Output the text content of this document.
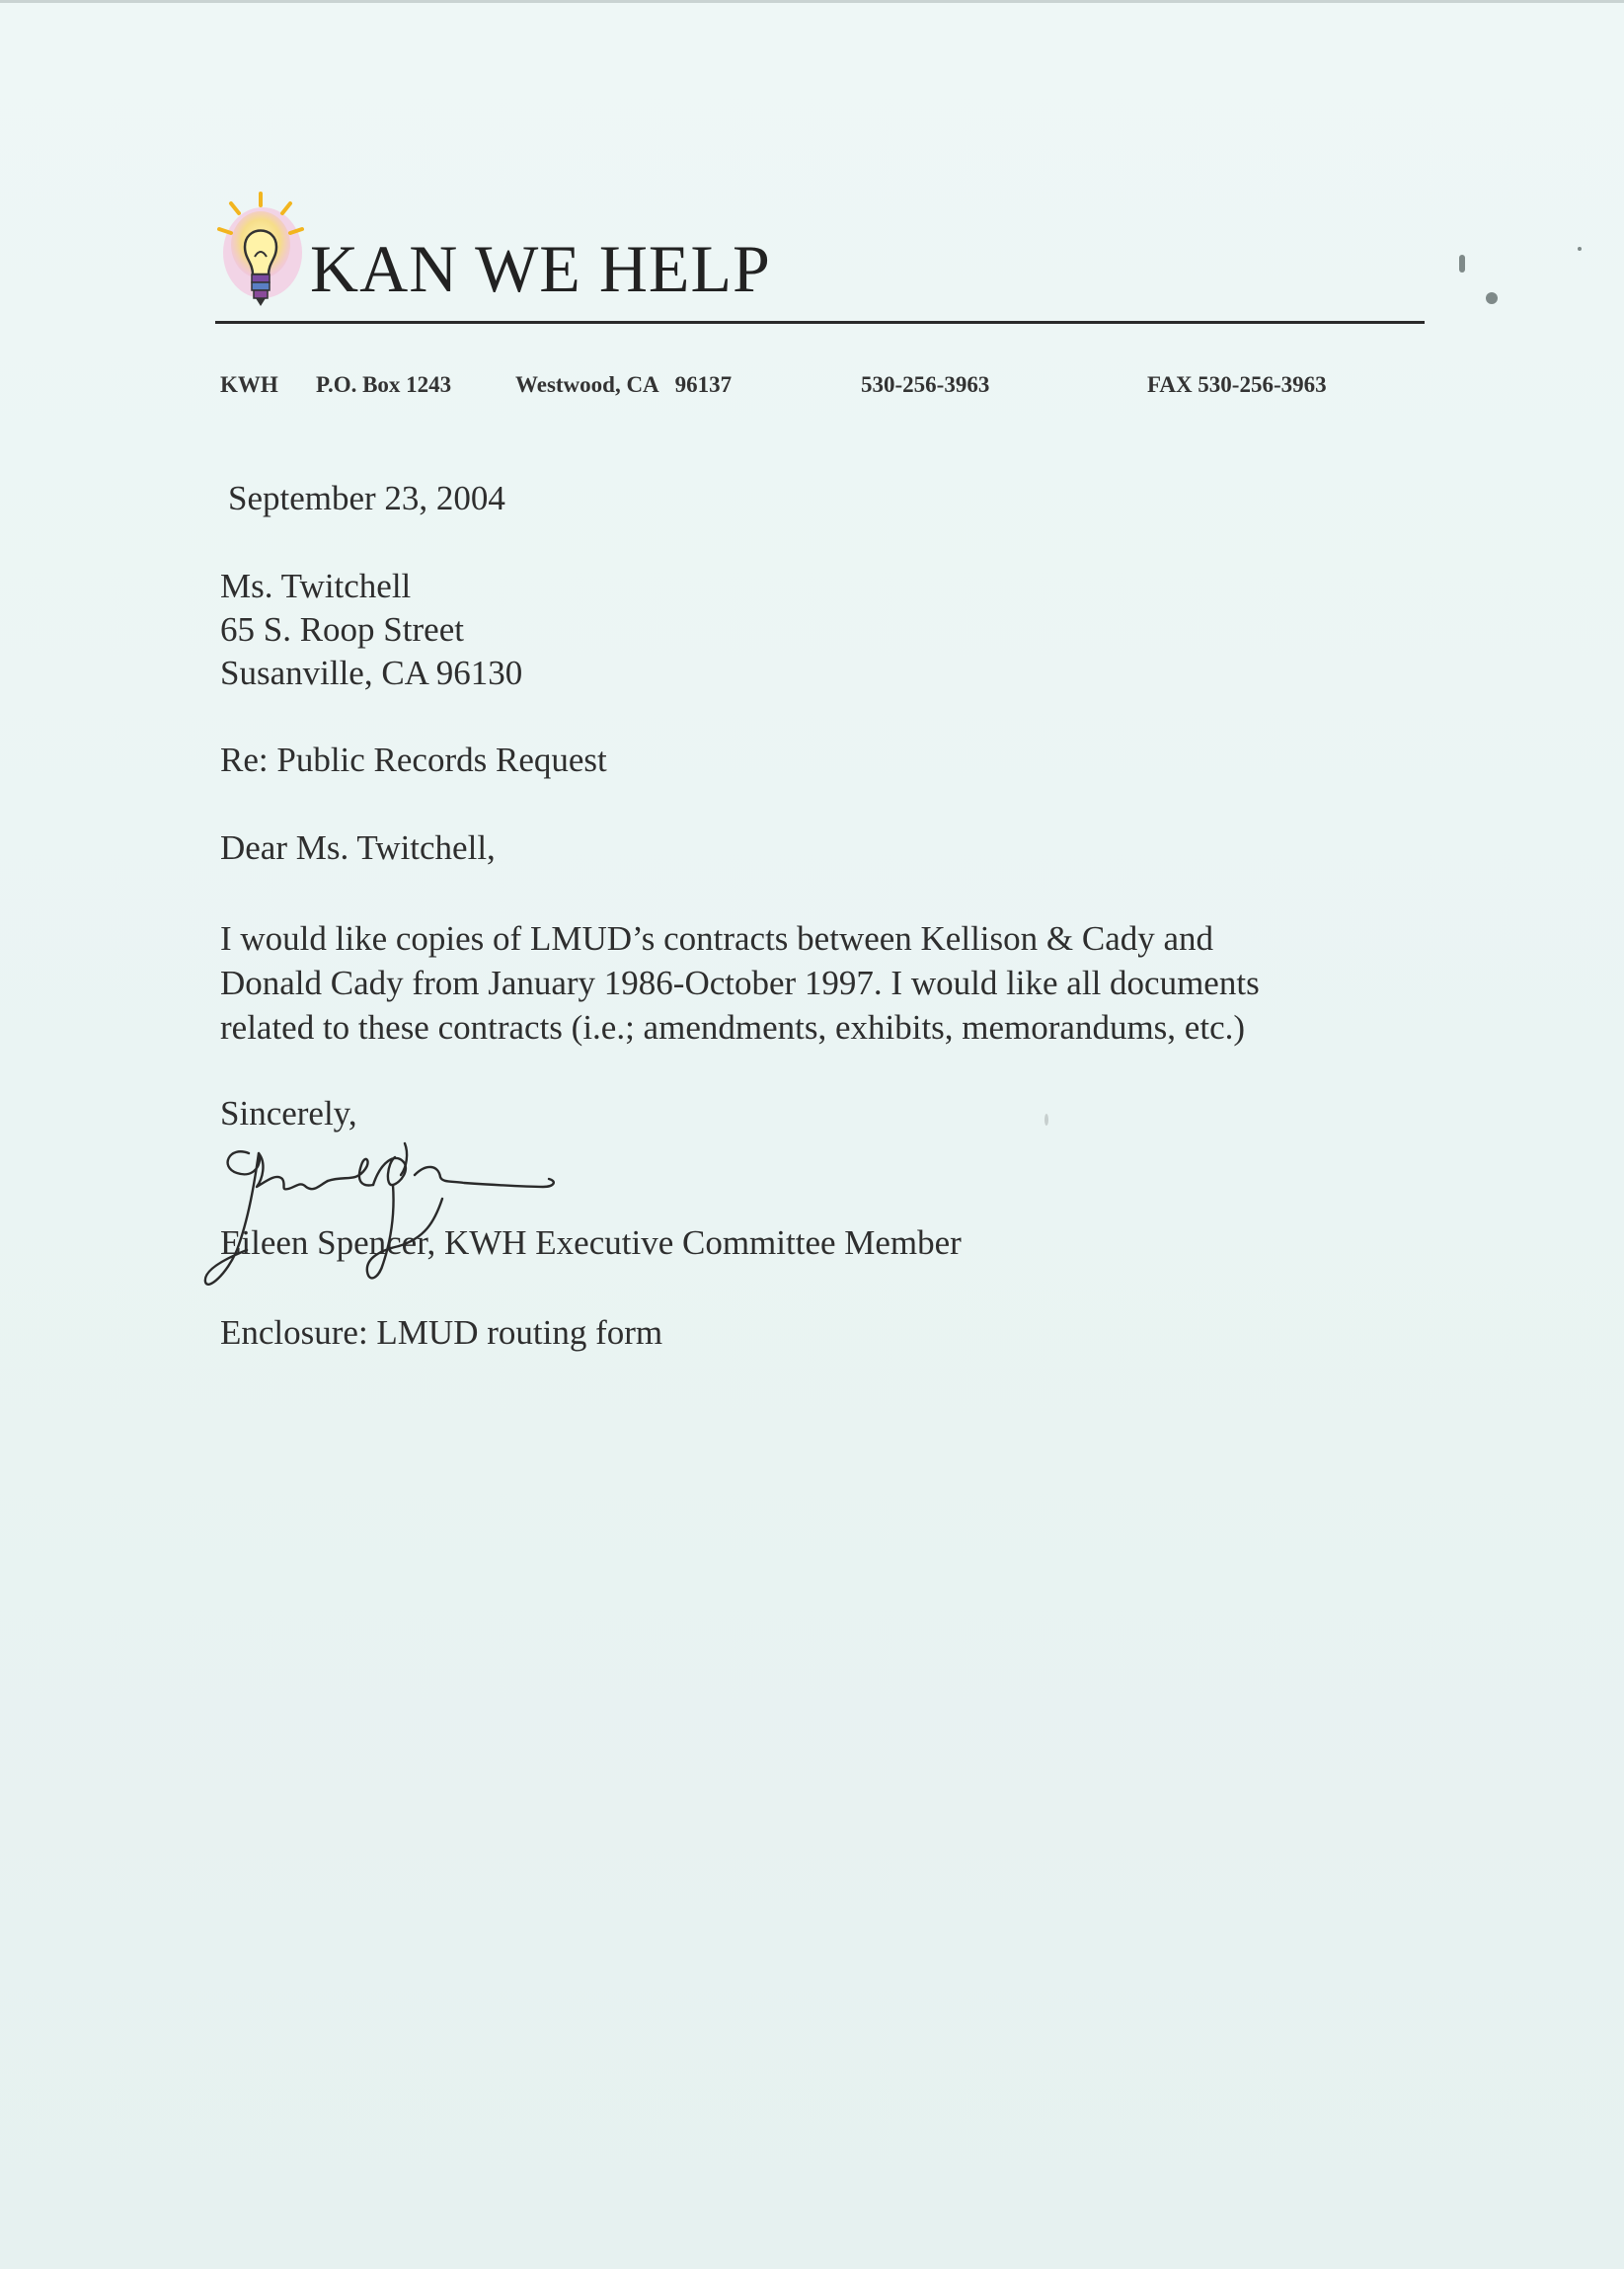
KAN WE HELP
KWH P.O. Box 1243	Westwood, CA   96137	530-256-3963	FAX 530-256-3963
September 23, 2004
Ms. Twitchell
65 S. Roop Street
Susanville, CA 96130
Re: Public Records Request
Dear Ms. Twitchell,
I would like copies of LMUD’s contracts between Kellison & Cady and
Donald Cady from January 1986-October 1997. I would like all documents
related to these contracts (i.e.; amendments, exhibits, memorandums, etc.)
Sincerely,
Eileen Spencer, KWH Executive Committee Member
Enclosure: LMUD routing form
